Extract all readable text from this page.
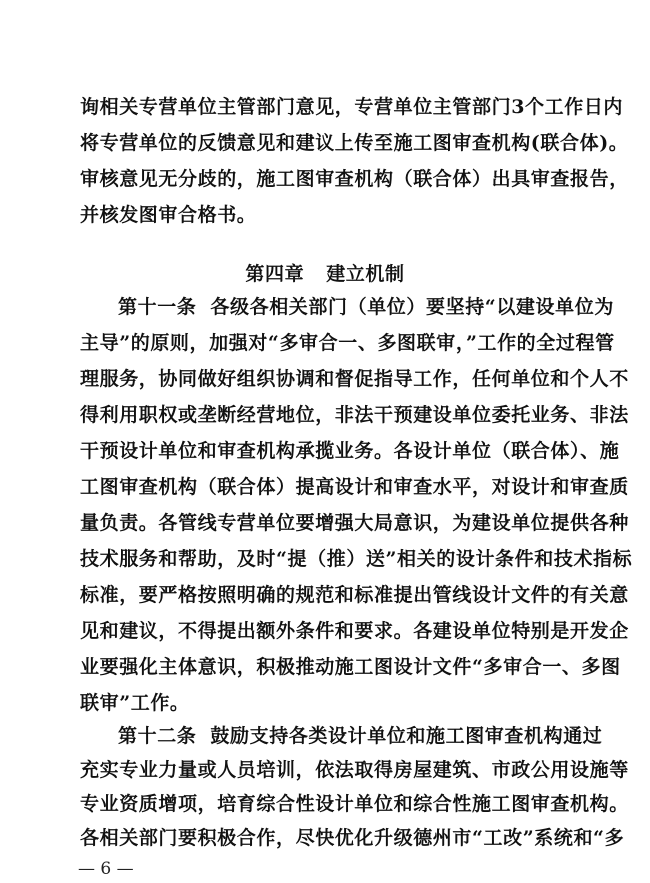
询相关专营单位主管部门意见，专营单位主管部门3个工作日内
将专营单位的反馈意见和建议上传至施工图审查机构(联合体)。
审核意见无分歧的，施工图审查机构（联合体）出具审查报告，
并核发图审合格书。
第四章 建立机制
第十一条 各级各相关部门（单位）要坚持“以建设单位为
主导”的原则，加强对“多审合一、多图联审，”工作的全过程管
理服务，协同做好组织协调和督促指导工作，任何单位和个人不
得利用职权或垄断经营地位，非法干预建设单位委托业务、非法
干预设计单位和审查机构承揽业务。各设计单位（联合体）、施
工图审查机构（联合体）提高设计和审查水平，对设计和审查质
量负责。各管线专营单位要增强大局意识，为建设单位提供各种
技术服务和帮助，及时“提（推）送”相关的设计条件和技术指标
标准，要严格按照明确的规范和标准提出管线设计文件的有关意
见和建议，不得提出额外条件和要求。各建设单位特别是开发企
业要强化主体意识，积极推动施工图设计文件“多审合一、多图
联审”工作。
第十二条 鼓励支持各类设计单位和施工图审查机构通过
充实专业力量或人员培训，依法取得房屋建筑、市政公用设施等
专业资质增项，培育综合性设计单位和综合性施工图审查机构。
各相关部门要积极合作，尽快优化升级德州市“工改”系统和“多
— 6 —
